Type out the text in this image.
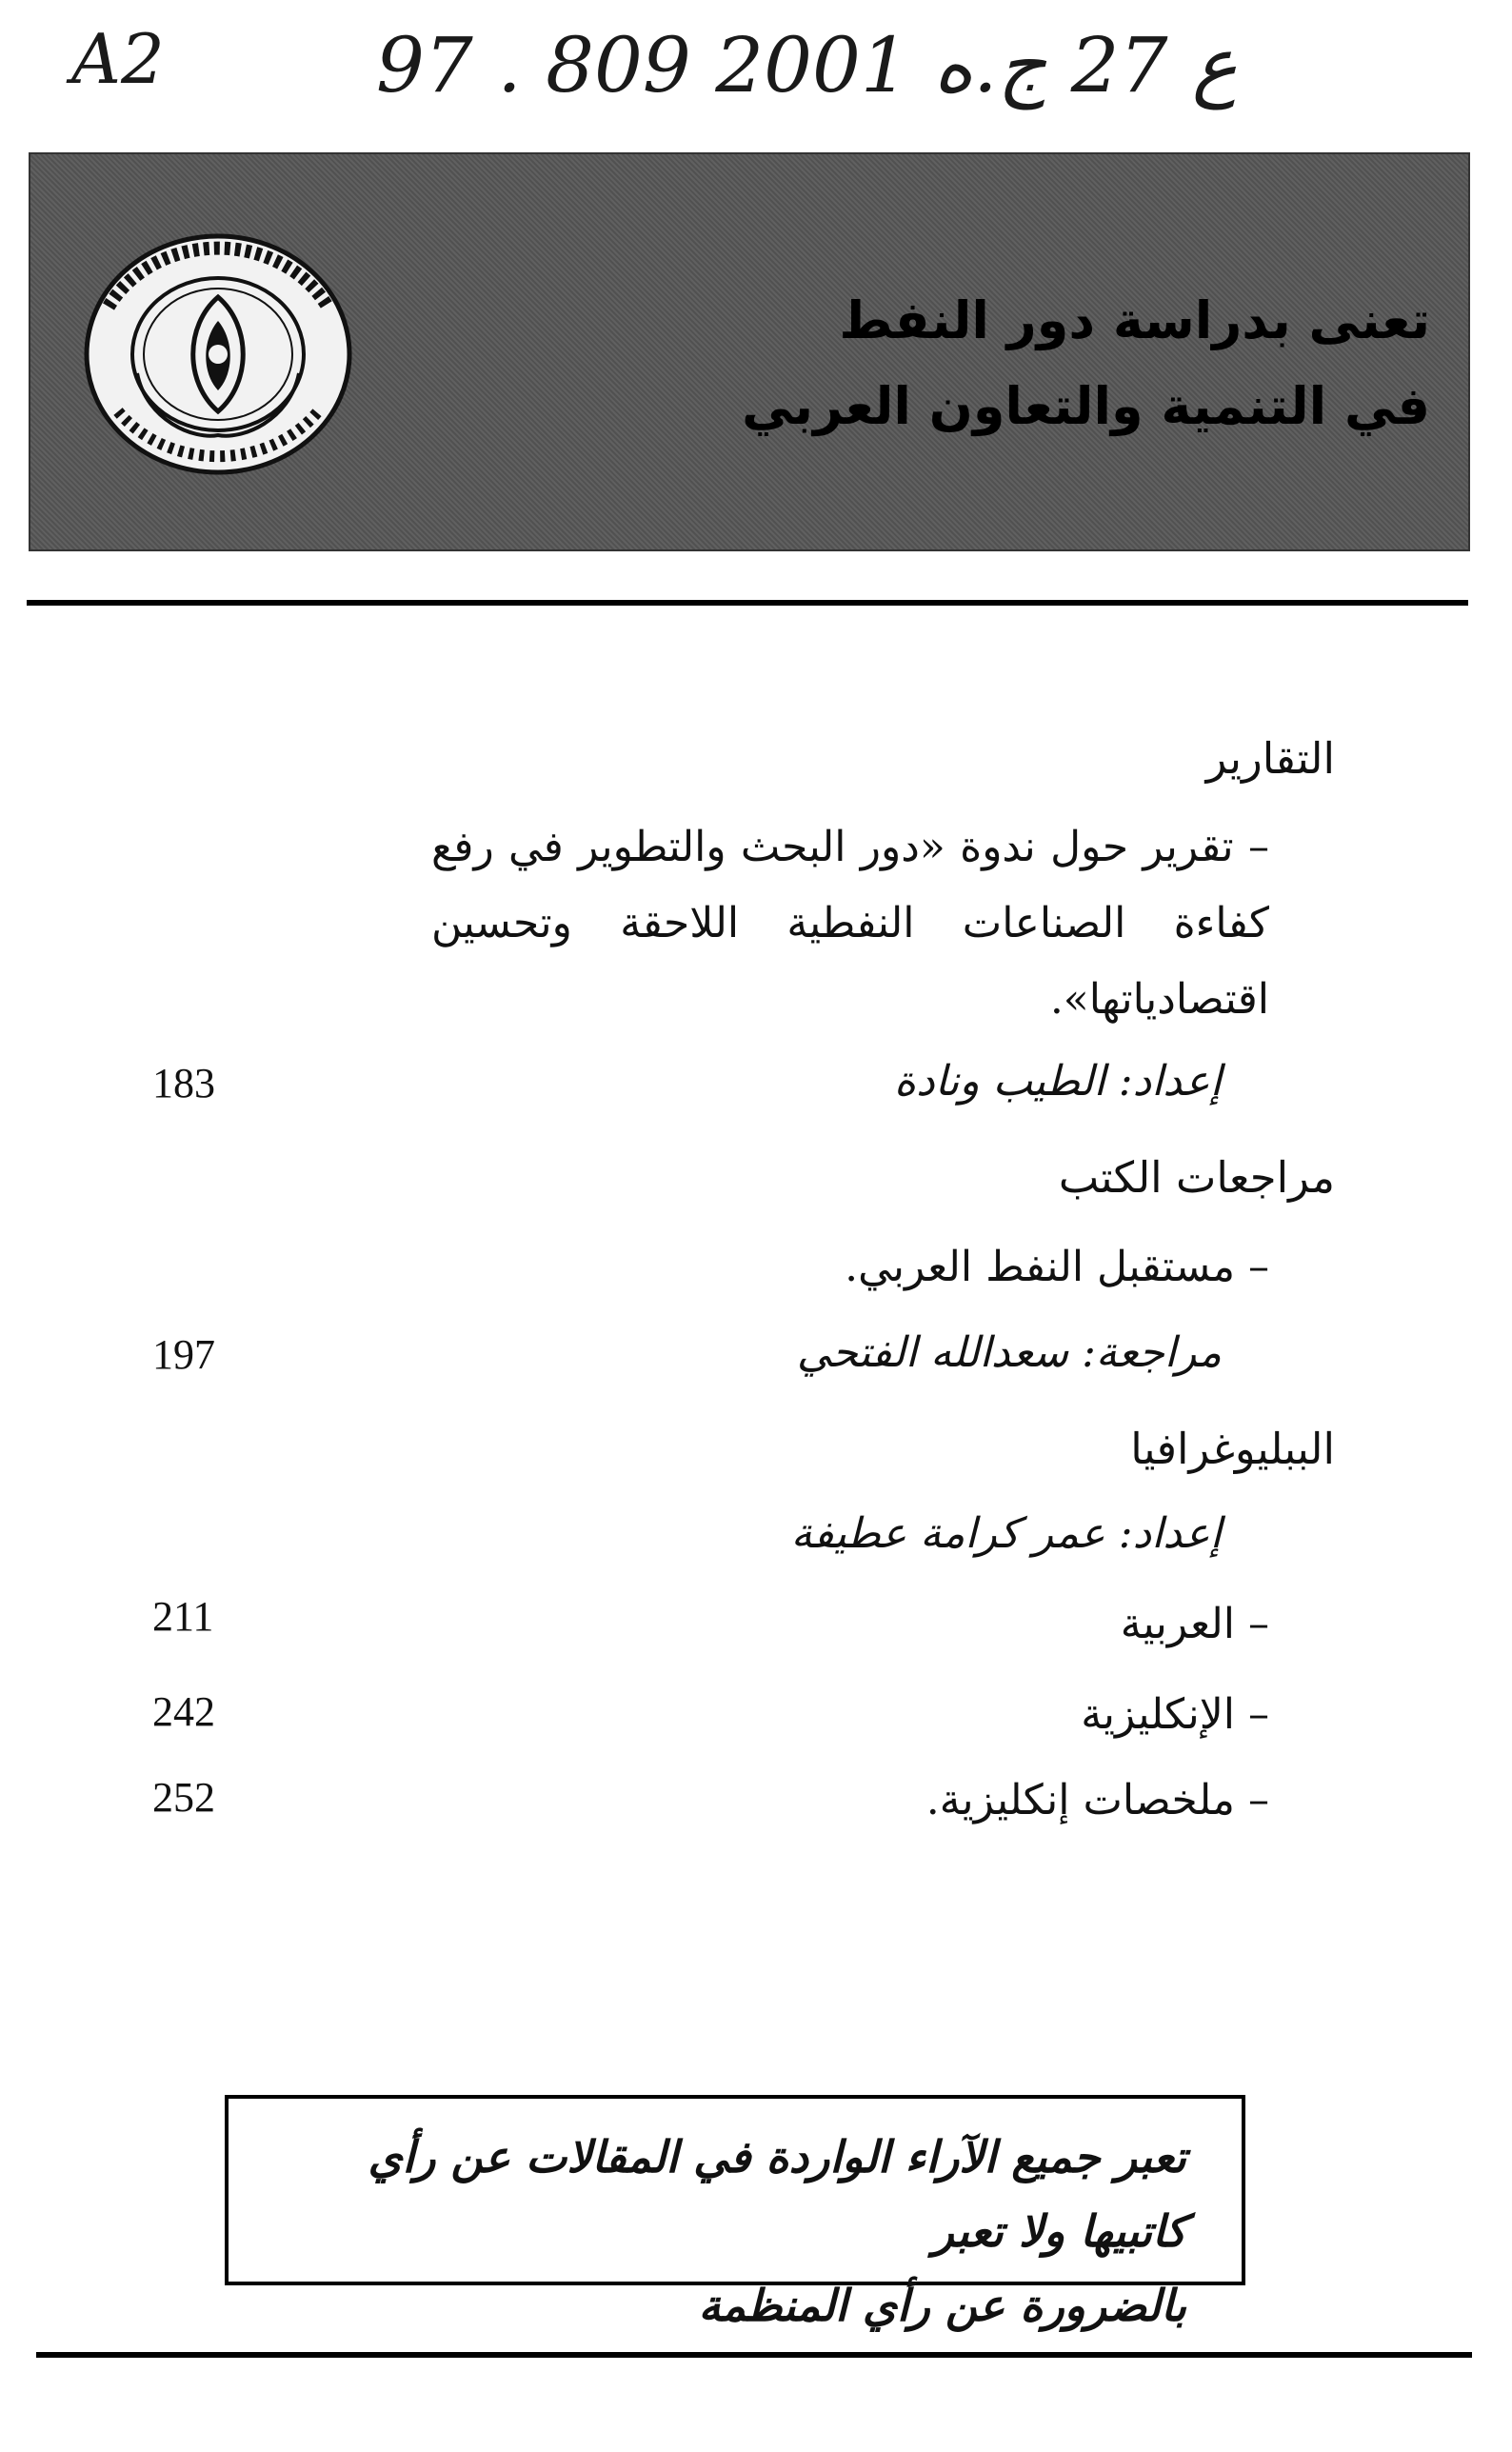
A2	97 . ع 27 ج.ه 2001 809
تعنى بدراسة دور النفط
في التنمية والتعاون العربي
التقارير
– تقرير حول ندوة «دور البحث والتطوير في رفع كفاءة الصناعات النفطية اللاحقة وتحسين اقتصادياتها».
إعداد: الطيب ونادة
183
مراجعات الكتب
– مستقبل النفط العربي.
مراجعة: سعدالله الفتحي
197
الببليوغرافيا
إعداد: عمر كرامة عطيفة
– العربية
211
– الإنكليزية
242
– ملخصات إنكليزية.
252
تعبر جميع الآراء الواردة في المقالات عن رأي كاتبيها ولا تعبر
بالضرورة عن رأي المنظمة
